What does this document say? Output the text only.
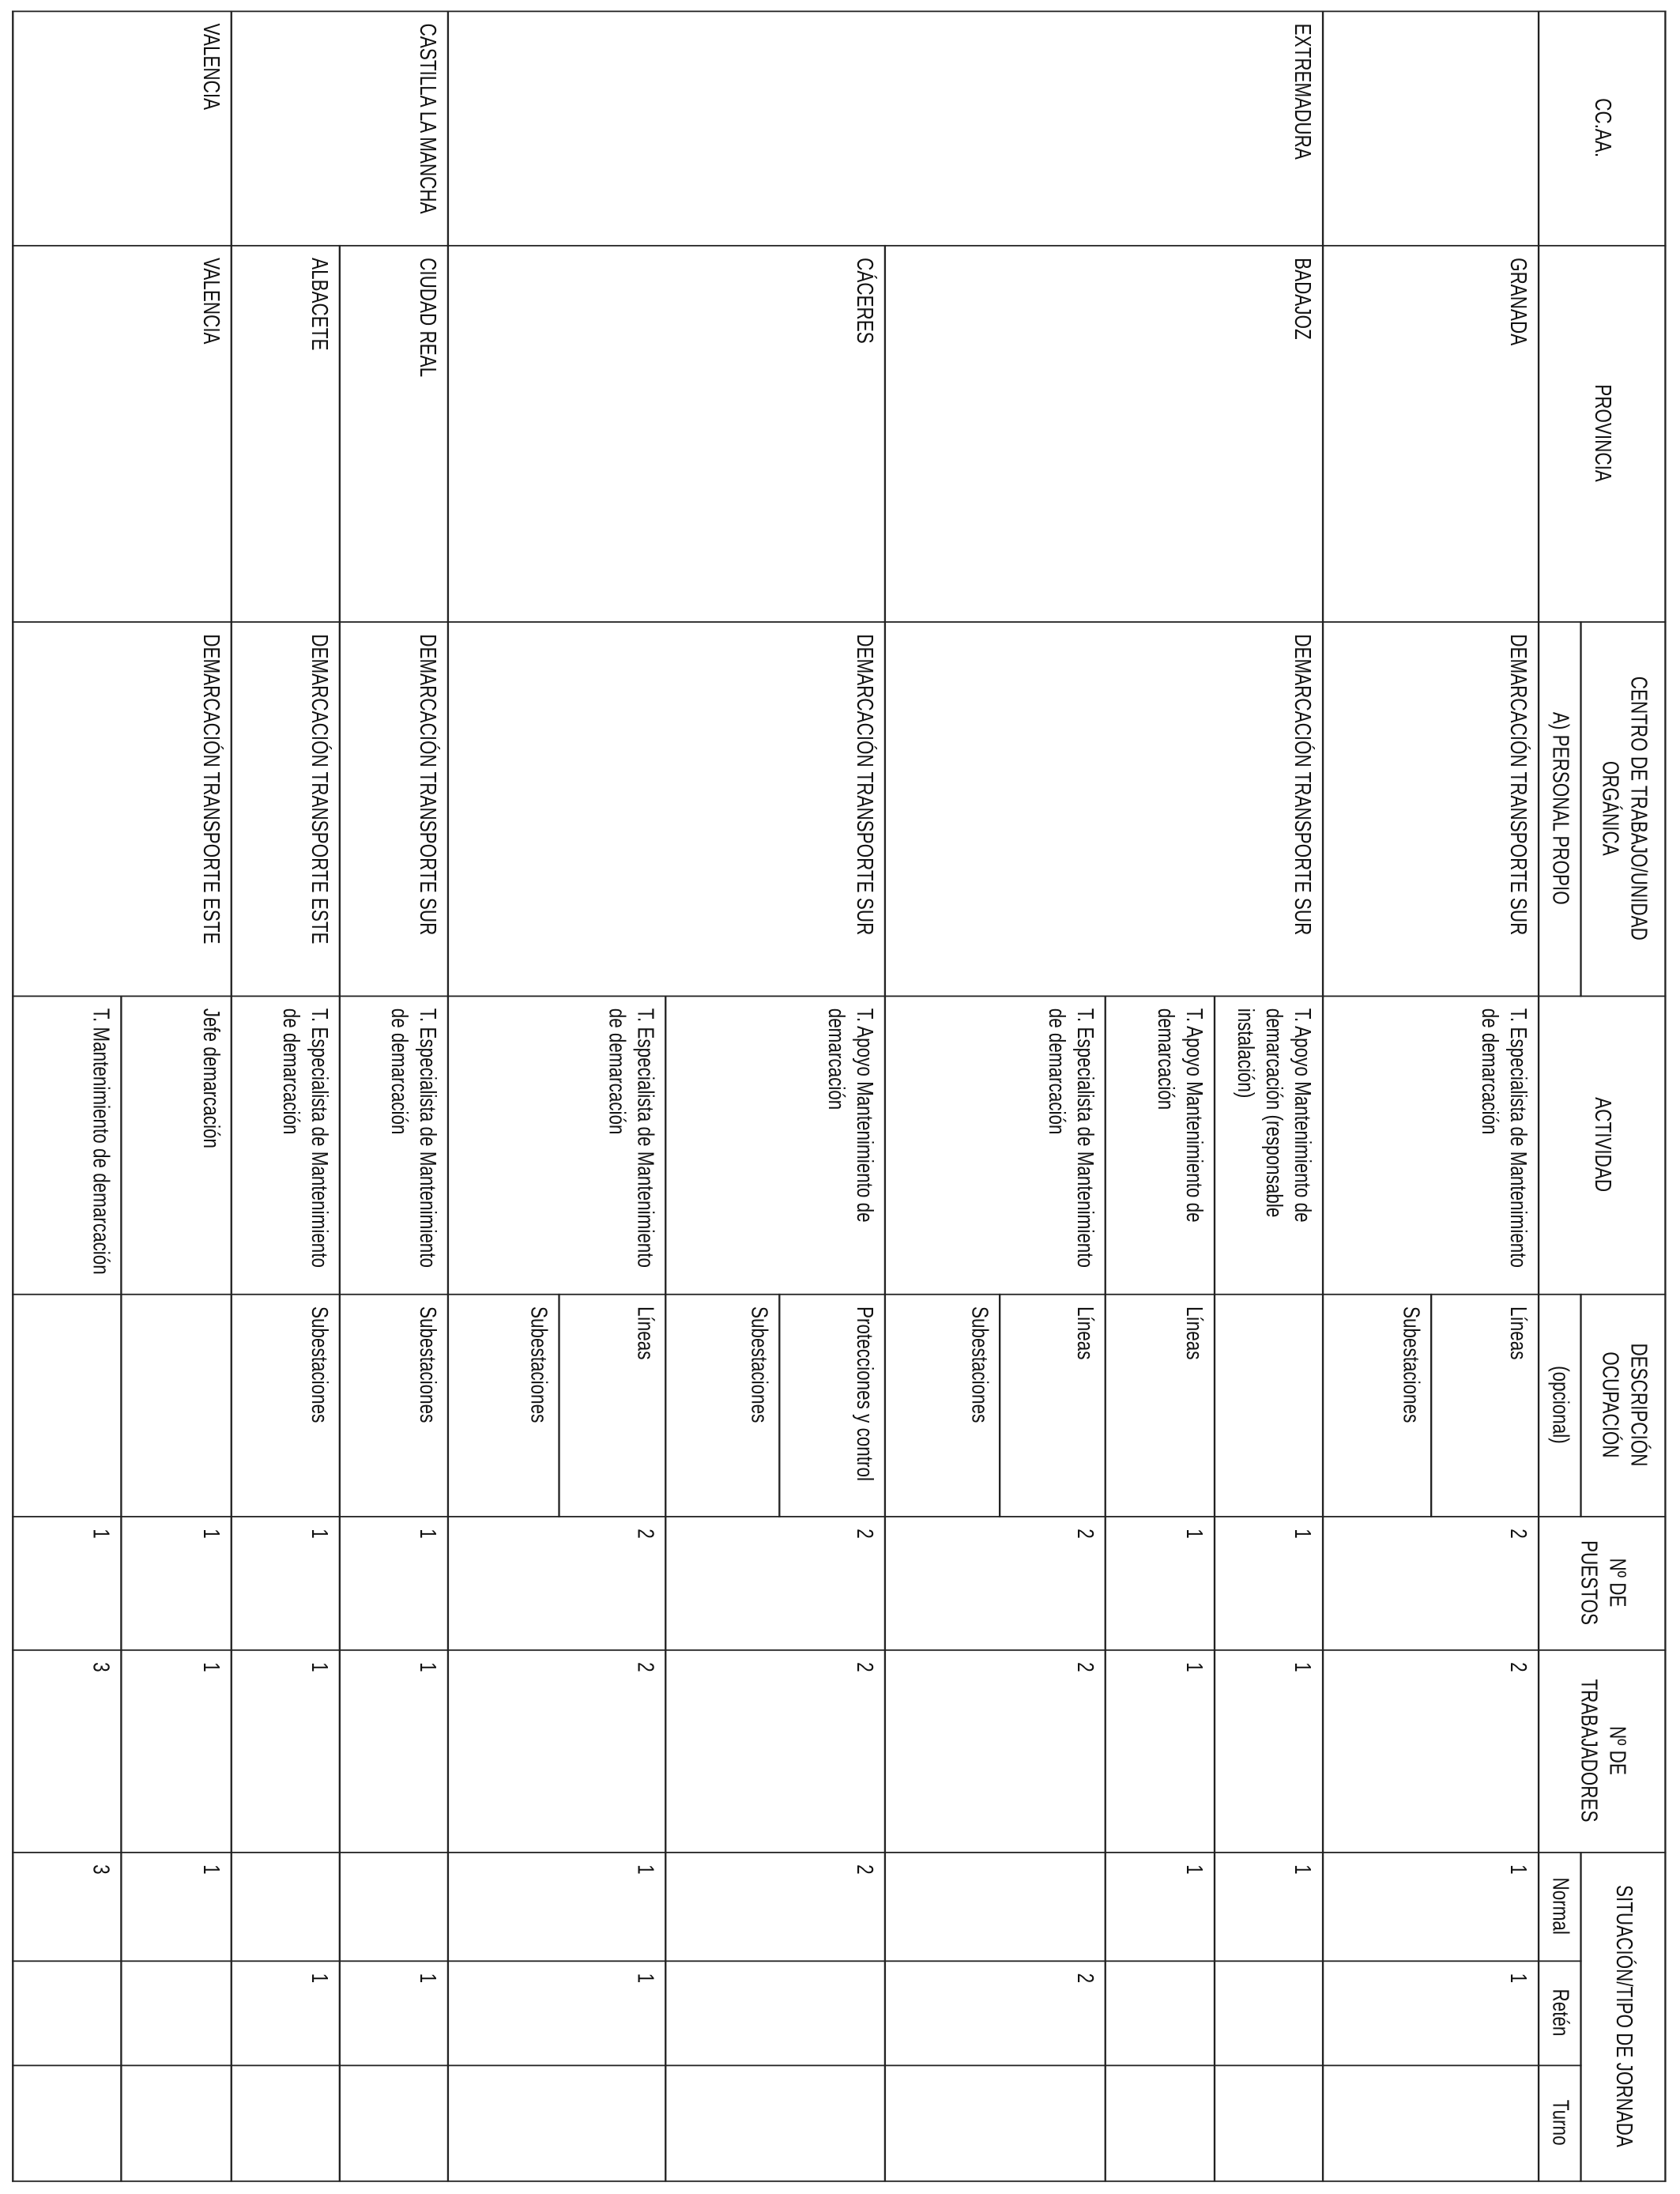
CC.AA.
PROVINCIA
CENTRO DE TRABAJO/UNIDAD ORGÁNICA
A) PERSONAL PROPIO
ACTIVIDAD
DESCRIPCIÓN OCUPACIÓN
(opcional)
Nº DE PUESTOS
Nº DE TRABAJADORES
SITUACIÓN/TIPO DE JORNADA
Normal
Retén
Turno
GRANADA
DEMARCACIÓN TRANSPORTE SUR
T. Especialista de Mantenimiento de demarcación
Líneas
2
2
1
1
EXTREMADURA
BADAJOZ
DEMARCACIÓN TRANSPORTE SUR
T. Apoyo Mantenimiento de demarcación (responsable instalación)
1
1
1
T. Apoyo Mantenimiento de demarcación
Líneas
1
1
1
T. Especialista de Mantenimiento de demarcación
Líneas
2
2
2
CÁCERES
DEMARCACIÓN TRANSPORTE SUR
T. Apoyo Mantenimiento de demarcación
Protecciones y control
2
2
2
T. Especialista de Mantenimiento de demarcación
Líneas
2
2
1
1
CASTILLA LA MANCHA
CIUDAD REAL
DEMARCACIÓN TRANSPORTE SUR
T. Especialista de Mantenimiento de demarcación
Subestaciones
1
1
1
ALBACETE
DEMARCACIÓN TRANSPORTE ESTE
T. Especialista de Mantenimiento de demarcación
Subestaciones
1
1
1
VALENCIA
VALENCIA
DEMARCACIÓN TRANSPORTE ESTE
Jefe demarcación
1
1
1
T. Mantenimiento de demarcación
1
3
3
Subestaciones
Subestaciones
Subestaciones
Subestaciones
